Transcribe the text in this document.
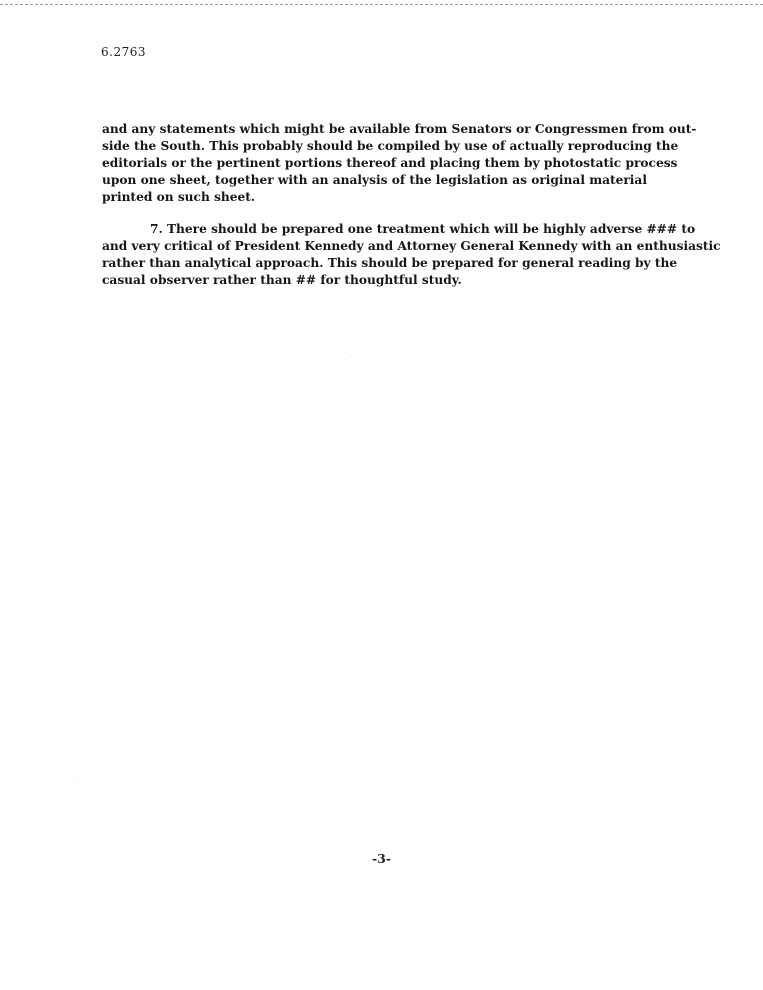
6.2763
and any statements which might be available from Senators or Congressmen from out-
side the South. This probably should be compiled by use of actually reproducing the
editorials or the pertinent portions thereof and placing them by photostatic process
upon one sheet, together with an analysis of the legislation as original material
printed on such sheet.
7. There should be prepared one treatment which will be highly adverse ### to
and very critical of President Kennedy and Attorney General Kennedy with an enthusiastic
rather than analytical approach. This should be prepared for general reading by the
casual observer rather than ## for thoughtful study.
-3-
